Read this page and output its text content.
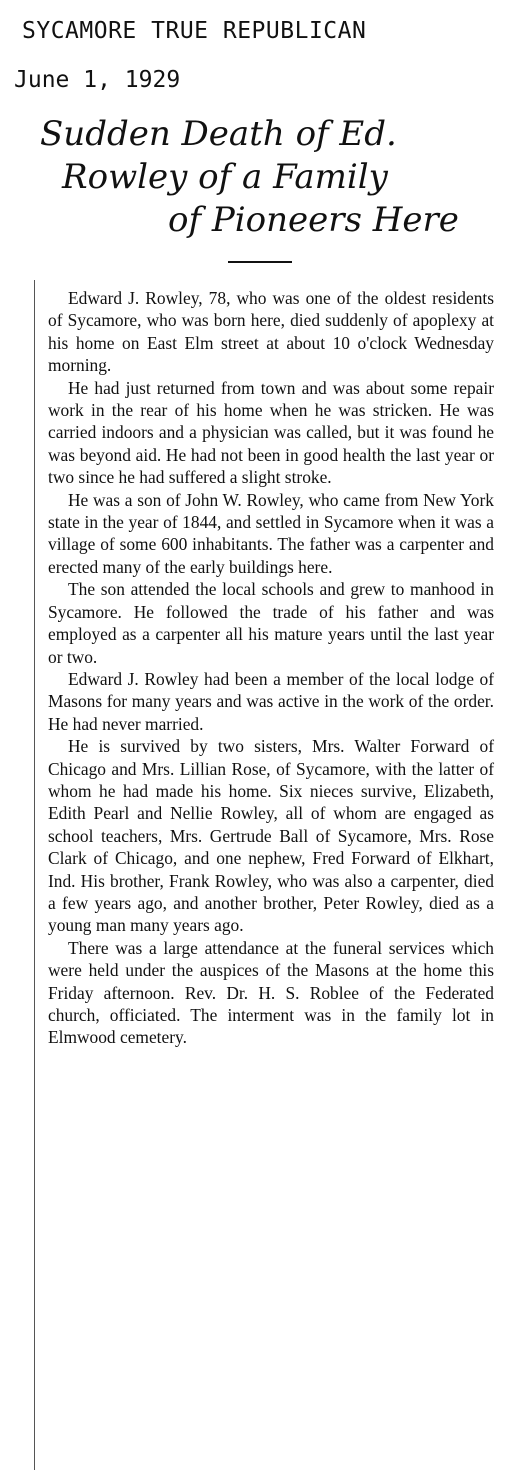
SYCAMORE TRUE REPUBLICAN
June 1, 1929
Sudden Death of Ed.
Rowley of a Family
of Pioneers Here

Edward J. Rowley, 78, who was one of the oldest residents of Sycamore, who was born here, died suddenly of apoplexy at his home on East Elm street at about 10 o'clock Wednesday morning.

He had just returned from town and was about some repair work in the rear of his home when he was stricken. He was carried indoors and a physician was called, but it was found he was beyond aid. He had not been in good health the last year or two since he had suffered a slight stroke.

He was a son of John W. Rowley, who came from New York state in the year of 1844, and settled in Sycamore when it was a village of some 600 inhabitants. The father was a carpenter and erected many of the early buildings here.

The son attended the local schools and grew to manhood in Sycamore. He followed the trade of his father and was employed as a carpenter all his mature years until the last year or two.

Edward J. Rowley had been a member of the local lodge of Masons for many years and was active in the work of the order. He had never married.

He is survived by two sisters, Mrs. Walter Forward of Chicago and Mrs. Lillian Rose, of Sycamore, with the latter of whom he had made his home. Six nieces survive, Elizabeth, Edith Pearl and Nellie Rowley, all of whom are engaged as school teachers, Mrs. Gertrude Ball of Sycamore, Mrs. Rose Clark of Chicago, and one nephew, Fred Forward of Elkhart, Ind. His brother, Frank Rowley, who was also a carpenter, died a few years ago, and another brother, Peter Rowley, died as a young man many years ago.

There was a large attendance at the funeral services which were held under the auspices of the Masons at the home this Friday afternoon. Rev. Dr. H. S. Roblee of the Federated church, officiated. The interment was in the family lot in Elmwood cemetery.
